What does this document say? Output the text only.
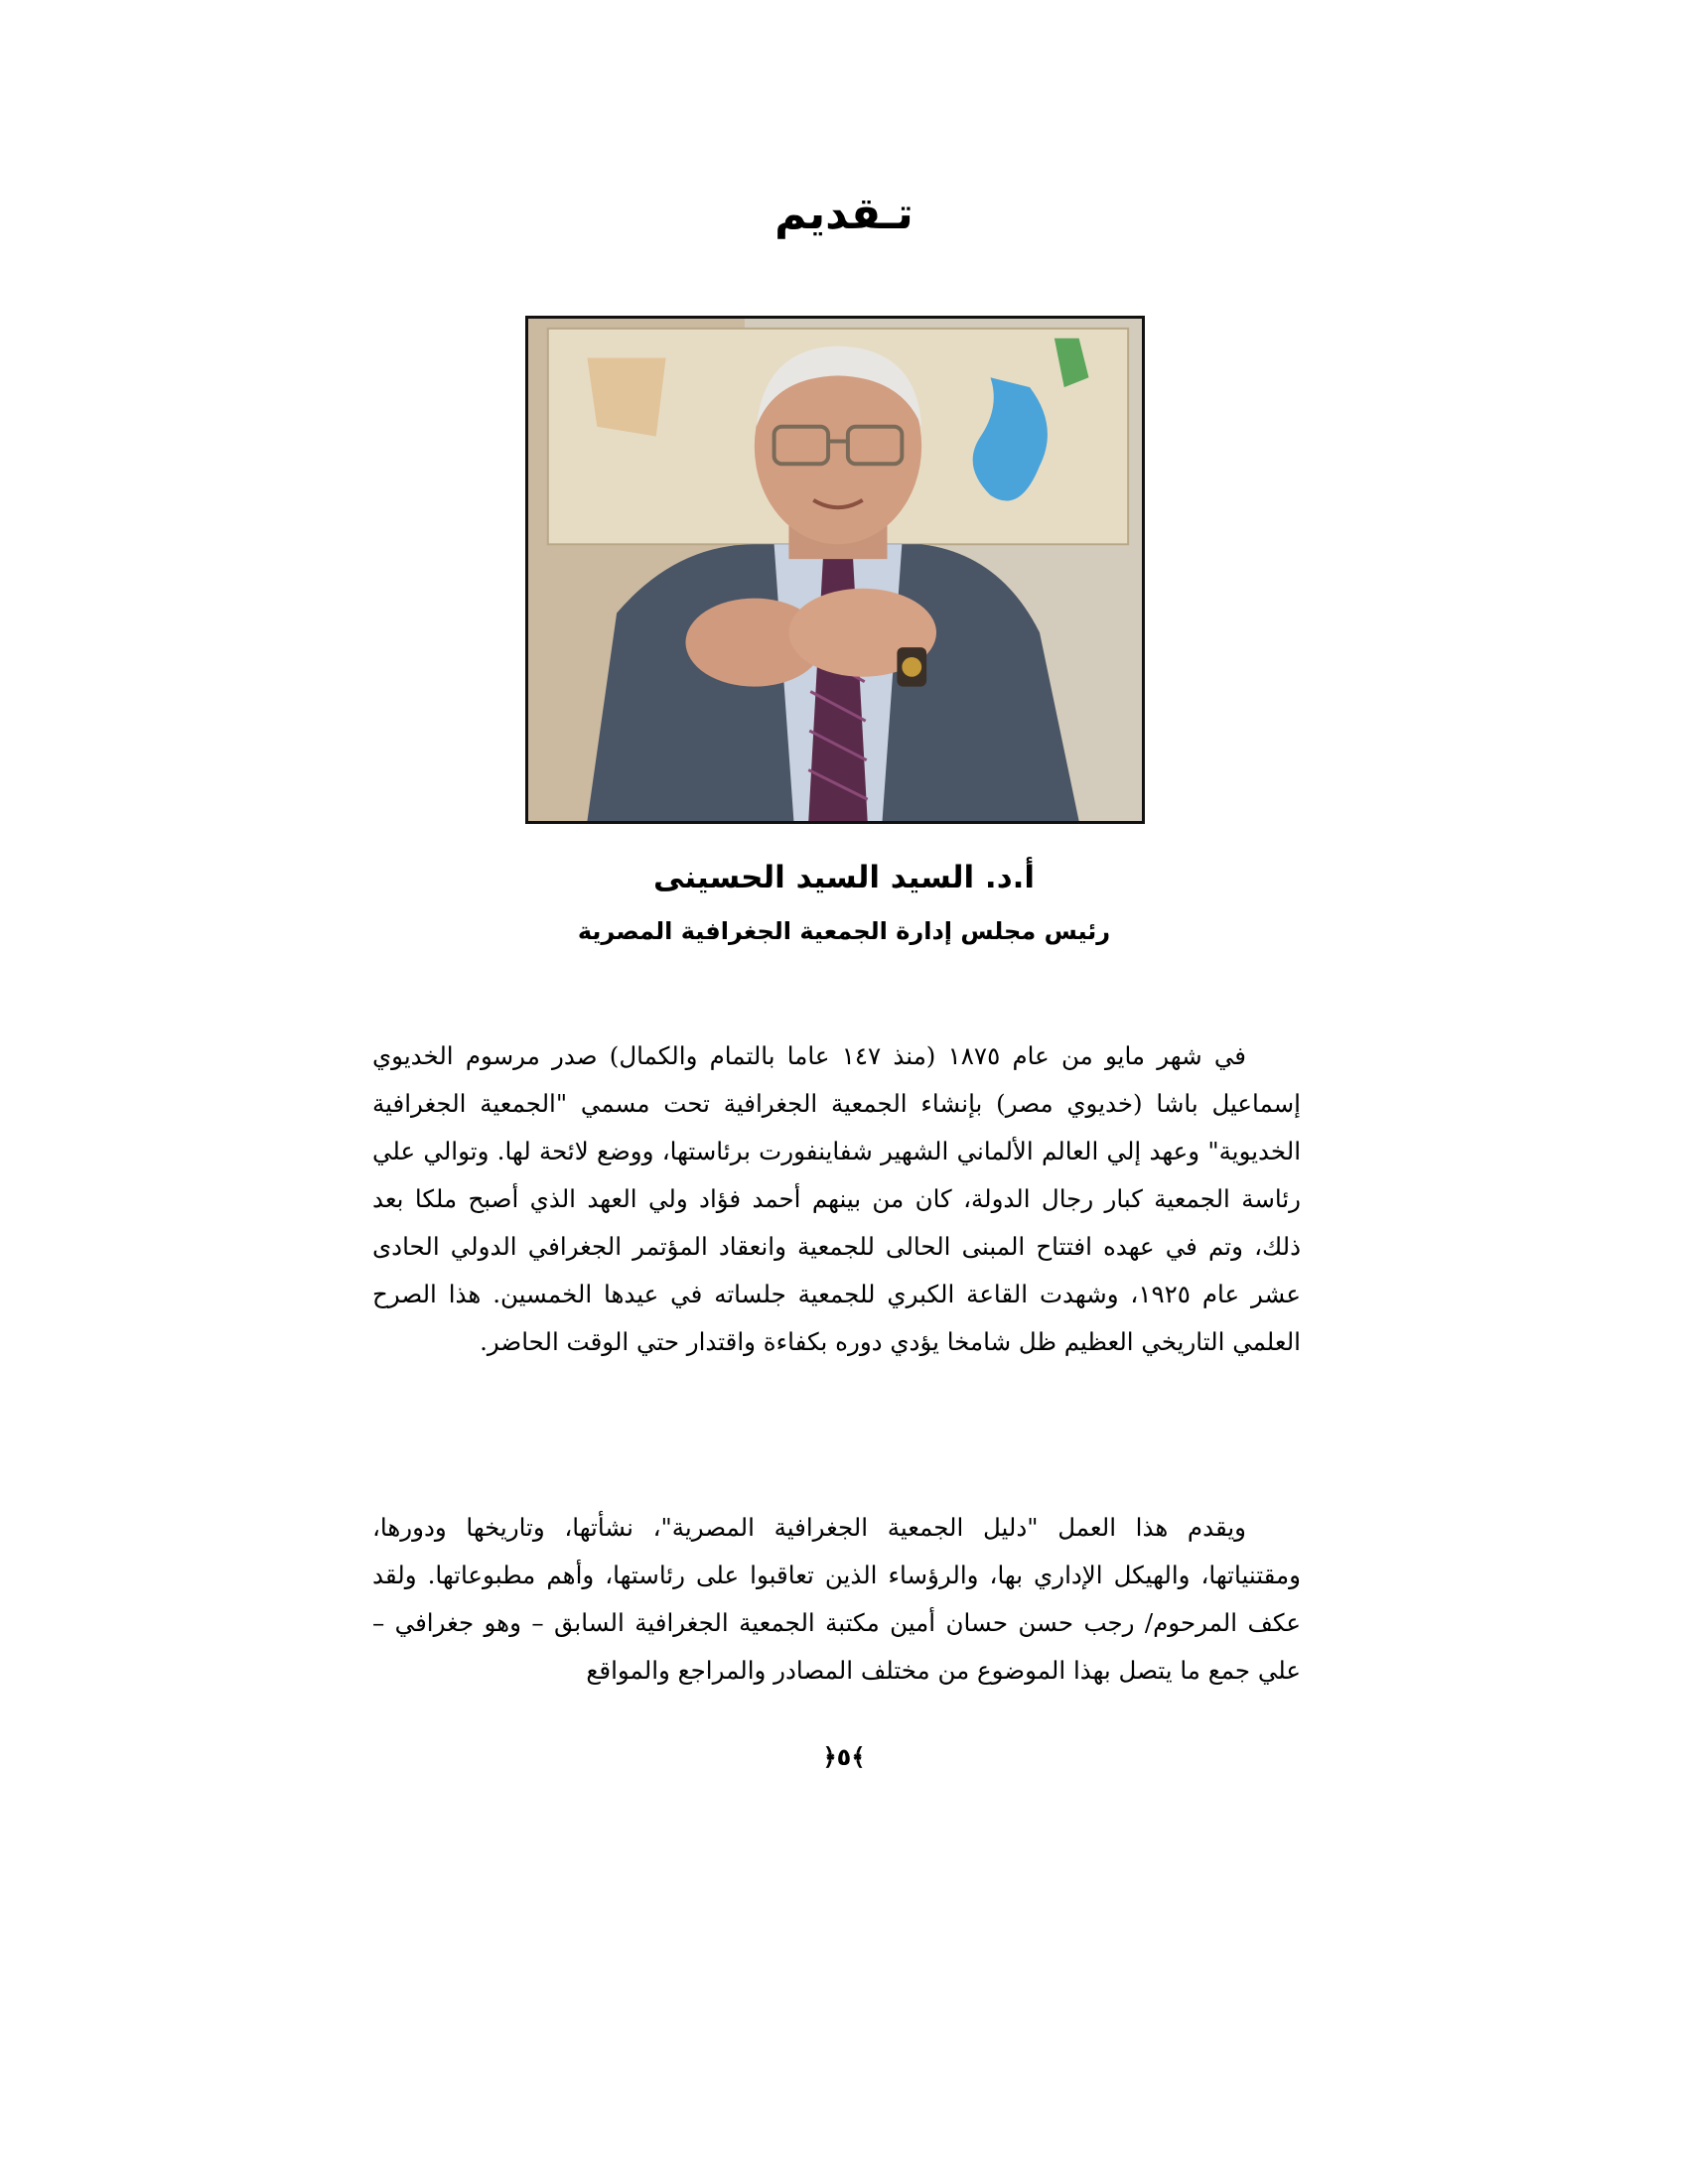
تـقديم
أ.د. السيد السيد الحسينى
رئيس مجلس إدارة الجمعية الجغرافية المصرية

في شهر مايو من عام ١٨٧٥ (منذ ١٤٧ عاما بالتمام والكمال) صدر مرسوم الخديوي إسماعيل باشا (خديوي مصر) بإنشاء الجمعية الجغرافية تحت مسمي "الجمعية الجغرافية الخديوية" وعهد إلي العالم الألماني الشهير شفاينفورت برئاستها، ووضع لائحة لها. وتوالي علي رئاسة الجمعية كبار رجال الدولة، كان من بينهم أحمد فؤاد ولي العهد الذي أصبح ملكا بعد ذلك، وتم في عهده افتتاح المبنى الحالى للجمعية وانعقاد المؤتمر الجغرافي الدولي الحادى عشر عام ١٩٢٥، وشهدت القاعة الكبري للجمعية جلساته في عيدها الخمسين. هذا الصرح العلمي التاريخي العظيم ظل شامخا يؤدي دوره بكفاءة واقتدار حتي الوقت الحاضر.

ويقدم هذا العمل "دليل الجمعية الجغرافية المصرية"، نشأتها، وتاريخها ودورها، ومقتنياتها، والهيكل الإداري بها، والرؤساء الذين تعاقبوا على رئاستها، وأهم مطبوعاتها. ولقد عكف المرحوم/ رجب حسن حسان أمين مكتبة الجمعية الجغرافية السابق – وهو جغرافي – علي جمع ما يتصل بهذا الموضوع من مختلف المصادر والمراجع والمواقع

﴿٥﴾
